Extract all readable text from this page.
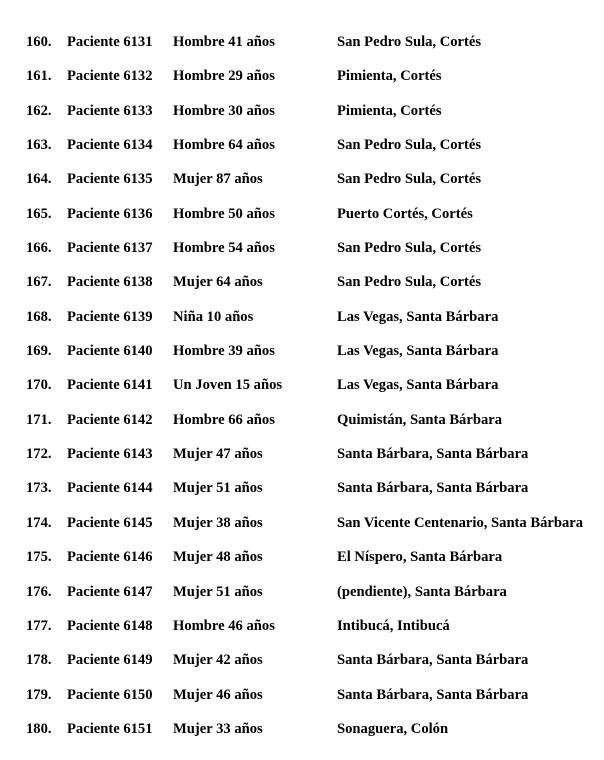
160. Paciente 6131 Hombre 41 años	San Pedro Sula, Cortés
161. Paciente 6132 Hombre 29 años	Pimienta, Cortés
162. Paciente 6133 Hombre 30 años	Pimienta, Cortés
163. Paciente 6134 Hombre 64 años	San Pedro Sula, Cortés
164. Paciente 6135 Mujer 87 años	San Pedro Sula, Cortés
165. Paciente 6136 Hombre 50 años	Puerto Cortés, Cortés
166. Paciente 6137 Hombre 54 años	San Pedro Sula, Cortés
167. Paciente 6138 Mujer 64 años	San Pedro Sula, Cortés
168. Paciente 6139 Niña 10 años	Las Vegas, Santa Bárbara
169. Paciente 6140 Hombre 39 años	Las Vegas, Santa Bárbara
170. Paciente 6141 Un Joven 15 años	Las Vegas, Santa Bárbara
171. Paciente 6142 Hombre 66 años	Quimistán, Santa Bárbara
172. Paciente 6143 Mujer 47 años	Santa Bárbara, Santa Bárbara
173. Paciente 6144 Mujer 51 años	Santa Bárbara, Santa Bárbara
174. Paciente 6145 Mujer 38 años	San Vicente Centenario, Santa Bárbara
175. Paciente 6146 Mujer 48 años	El Níspero, Santa Bárbara
176. Paciente 6147 Mujer 51 años	(pendiente), Santa Bárbara
177. Paciente 6148 Hombre 46 años	Intibucá, Intibucá
178. Paciente 6149 Mujer 42 años	Santa Bárbara, Santa Bárbara
179. Paciente 6150 Mujer 46 años	Santa Bárbara, Santa Bárbara
180. Paciente 6151 Mujer 33 años	Sonaguera, Colón
